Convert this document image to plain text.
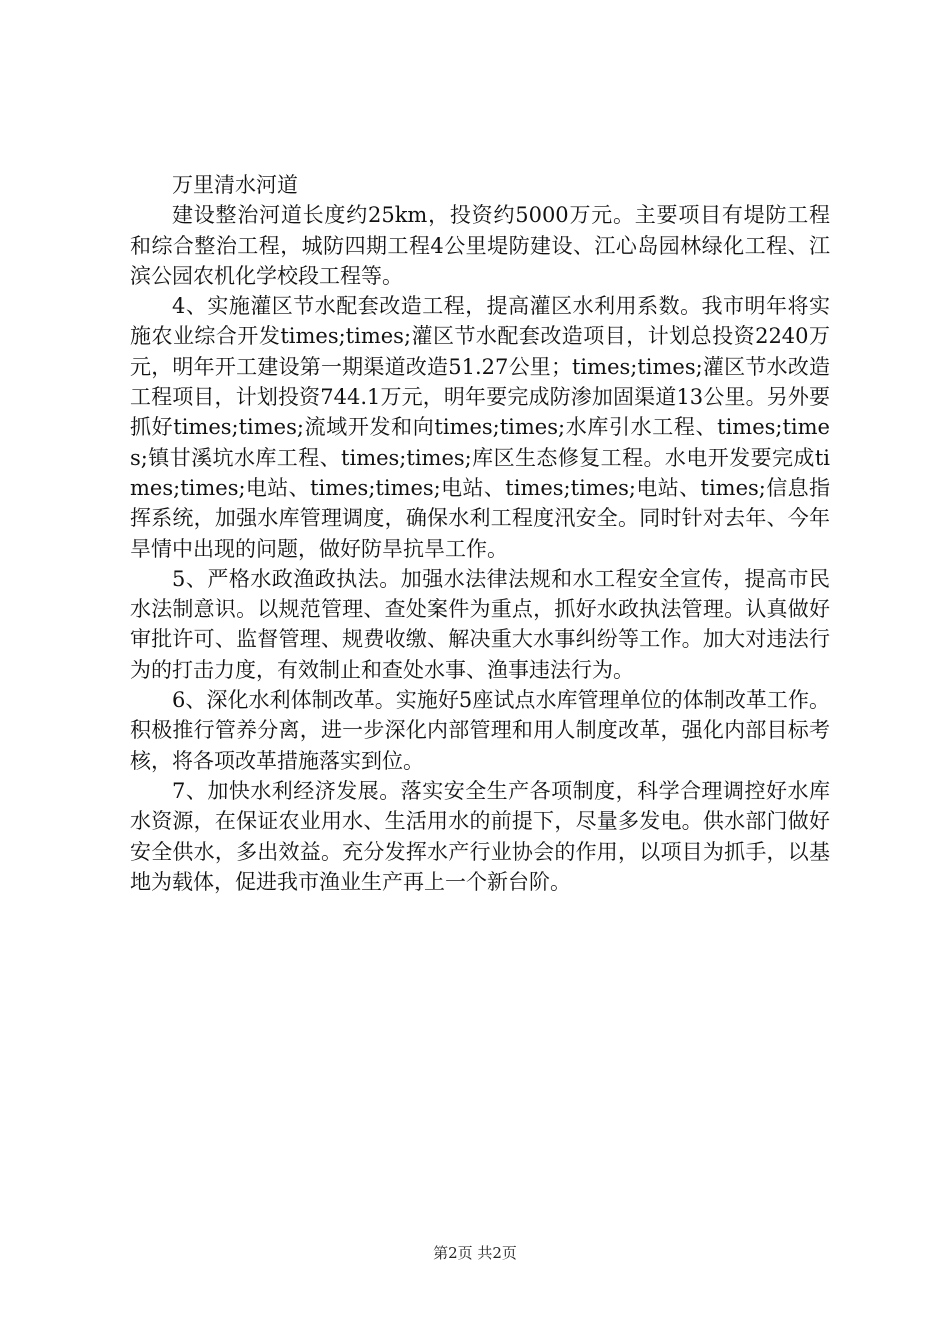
万里清水河道

建设整治河道长度约25km，投资约5000万元。主要项目有堤防工程和综合整治工程，城防四期工程4公里堤防建设、江心岛园林绿化工程、江滨公园农机化学校段工程等。

4、实施灌区节水配套改造工程，提高灌区水利用系数。我市明年将实施农业综合开发times;times;灌区节水配套改造项目，计划总投资2240万元，明年开工建设第一期渠道改造51.27公里；times;times;灌区节水改造工程项目，计划投资744.1万元，明年要完成防渗加固渠道13公里。另外要抓好times;times;流域开发和向times;times;水库引水工程、times;times;镇甘溪坑水库工程、times;times;库区生态修复工程。水电开发要完成times;times;电站、times;times;电站、times;times;电站、times;信息指挥系统，加强水库管理调度，确保水利工程度汛安全。同时针对去年、今年旱情中出现的问题，做好防旱抗旱工作。

5、严格水政渔政执法。加强水法律法规和水工程安全宣传，提高市民水法制意识。以规范管理、查处案件为重点，抓好水政执法管理。认真做好审批许可、监督管理、规费收缴、解决重大水事纠纷等工作。加大对违法行为的打击力度，有效制止和查处水事、渔事违法行为。

6、深化水利体制改革。实施好5座试点水库管理单位的体制改革工作。积极推行管养分离，进一步深化内部管理和用人制度改革，强化内部目标考核，将各项改革措施落实到位。

7、加快水利经济发展。落实安全生产各项制度，科学合理调控好水库水资源，在保证农业用水、生活用水的前提下，尽量多发电。供水部门做好安全供水，多出效益。充分发挥水产行业协会的作用，以项目为抓手，以基地为载体，促进我市渔业生产再上一个新台阶。

第2页 共2页
